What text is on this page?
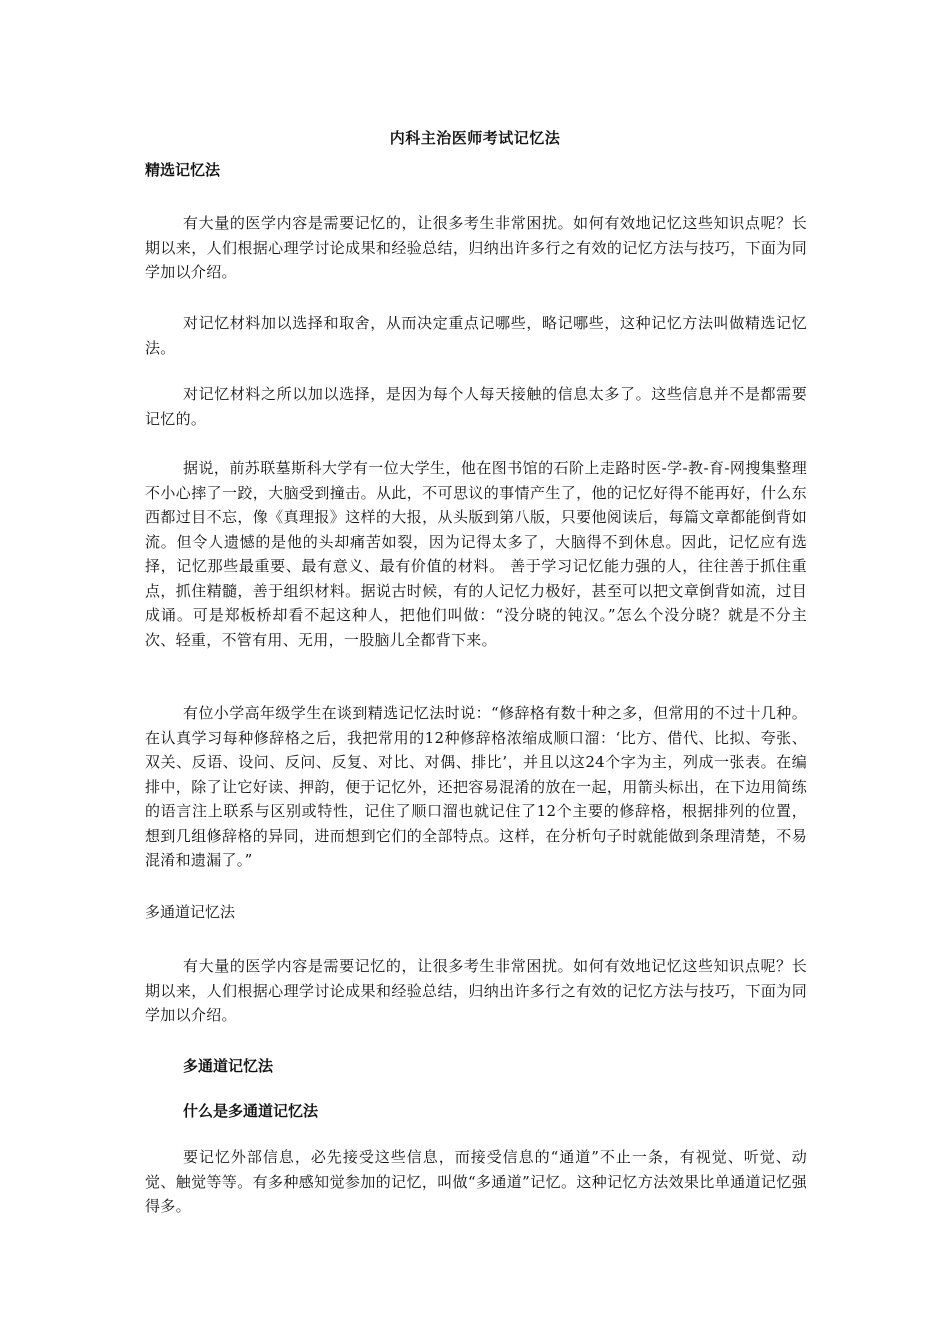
内科主治医师考试记忆法

精选记忆法

有大量的医学内容是需要记忆的，让很多考生非常困扰。如何有效地记忆这些知识点呢？长期以来，人们根据心理学讨论成果和经验总结，归纳出许多行之有效的记忆方法与技巧，下面为同学加以介绍。

对记忆材料加以选择和取舍，从而决定重点记哪些，略记哪些，这种记忆方法叫做精选记忆法。

对记忆材料之所以加以选择，是因为每个人每天接触的信息太多了。这些信息并不是都需要记忆的。

据说，前苏联墓斯科大学有一位大学生，他在图书馆的石阶上走路时医-学-教-育-网搜集整理不小心摔了一跤，大脑受到撞击。从此，不可思议的事情产生了，他的记忆好得不能再好，什么东西都过目不忘，像《真理报》这样的大报，从头版到第八版，只要他阅读后，每篇文章都能倒背如流。但令人遗憾的是他的头却痛苦如裂，因为记得太多了，大脑得不到休息。因此，记忆应有选择，记忆那些最重要、最有意义、最有价值的材料。 善于学习记忆能力强的人，往往善于抓住重点，抓住精髓，善于组织材料。据说古时候，有的人记忆力极好，甚至可以把文章倒背如流，过目成诵。可是郑板桥却看不起这种人，把他们叫做：“没分晓的钝汉。”怎么个没分晓？就是不分主次、轻重，不管有用、无用，一股脑儿全都背下来。

有位小学高年级学生在谈到精选记忆法时说：“修辞格有数十种之多，但常用的不过十几种。在认真学习每种修辞格之后，我把常用的12种修辞格浓缩成顺口溜：‘比方、借代、比拟、夸张、双关、反语、设问、反问、反复、对比、对偶、排比’，并且以这24个字为主，列成一张表。在编排中，除了让它好读、押韵，便于记忆外，还把容易混淆的放在一起，用箭头标出，在下边用简练的语言注上联系与区别或特性，记住了顺口溜也就记住了12个主要的修辞格，根据排列的位置，想到几组修辞格的异同，进而想到它们的全部特点。这样，在分析句子时就能做到条理清楚，不易混淆和遗漏了。”

多通道记忆法

有大量的医学内容是需要记忆的，让很多考生非常困扰。如何有效地记忆这些知识点呢？长期以来，人们根据心理学讨论成果和经验总结，归纳出许多行之有效的记忆方法与技巧，下面为同学加以介绍。

多通道记忆法

什么是多通道记忆法

要记忆外部信息，必先接受这些信息，而接受信息的“通道”不止一条，有视觉、听觉、动觉、触觉等等。有多种感知觉参加的记忆，叫做“多通道”记忆。这种记忆方法效果比单通道记忆强得多。
